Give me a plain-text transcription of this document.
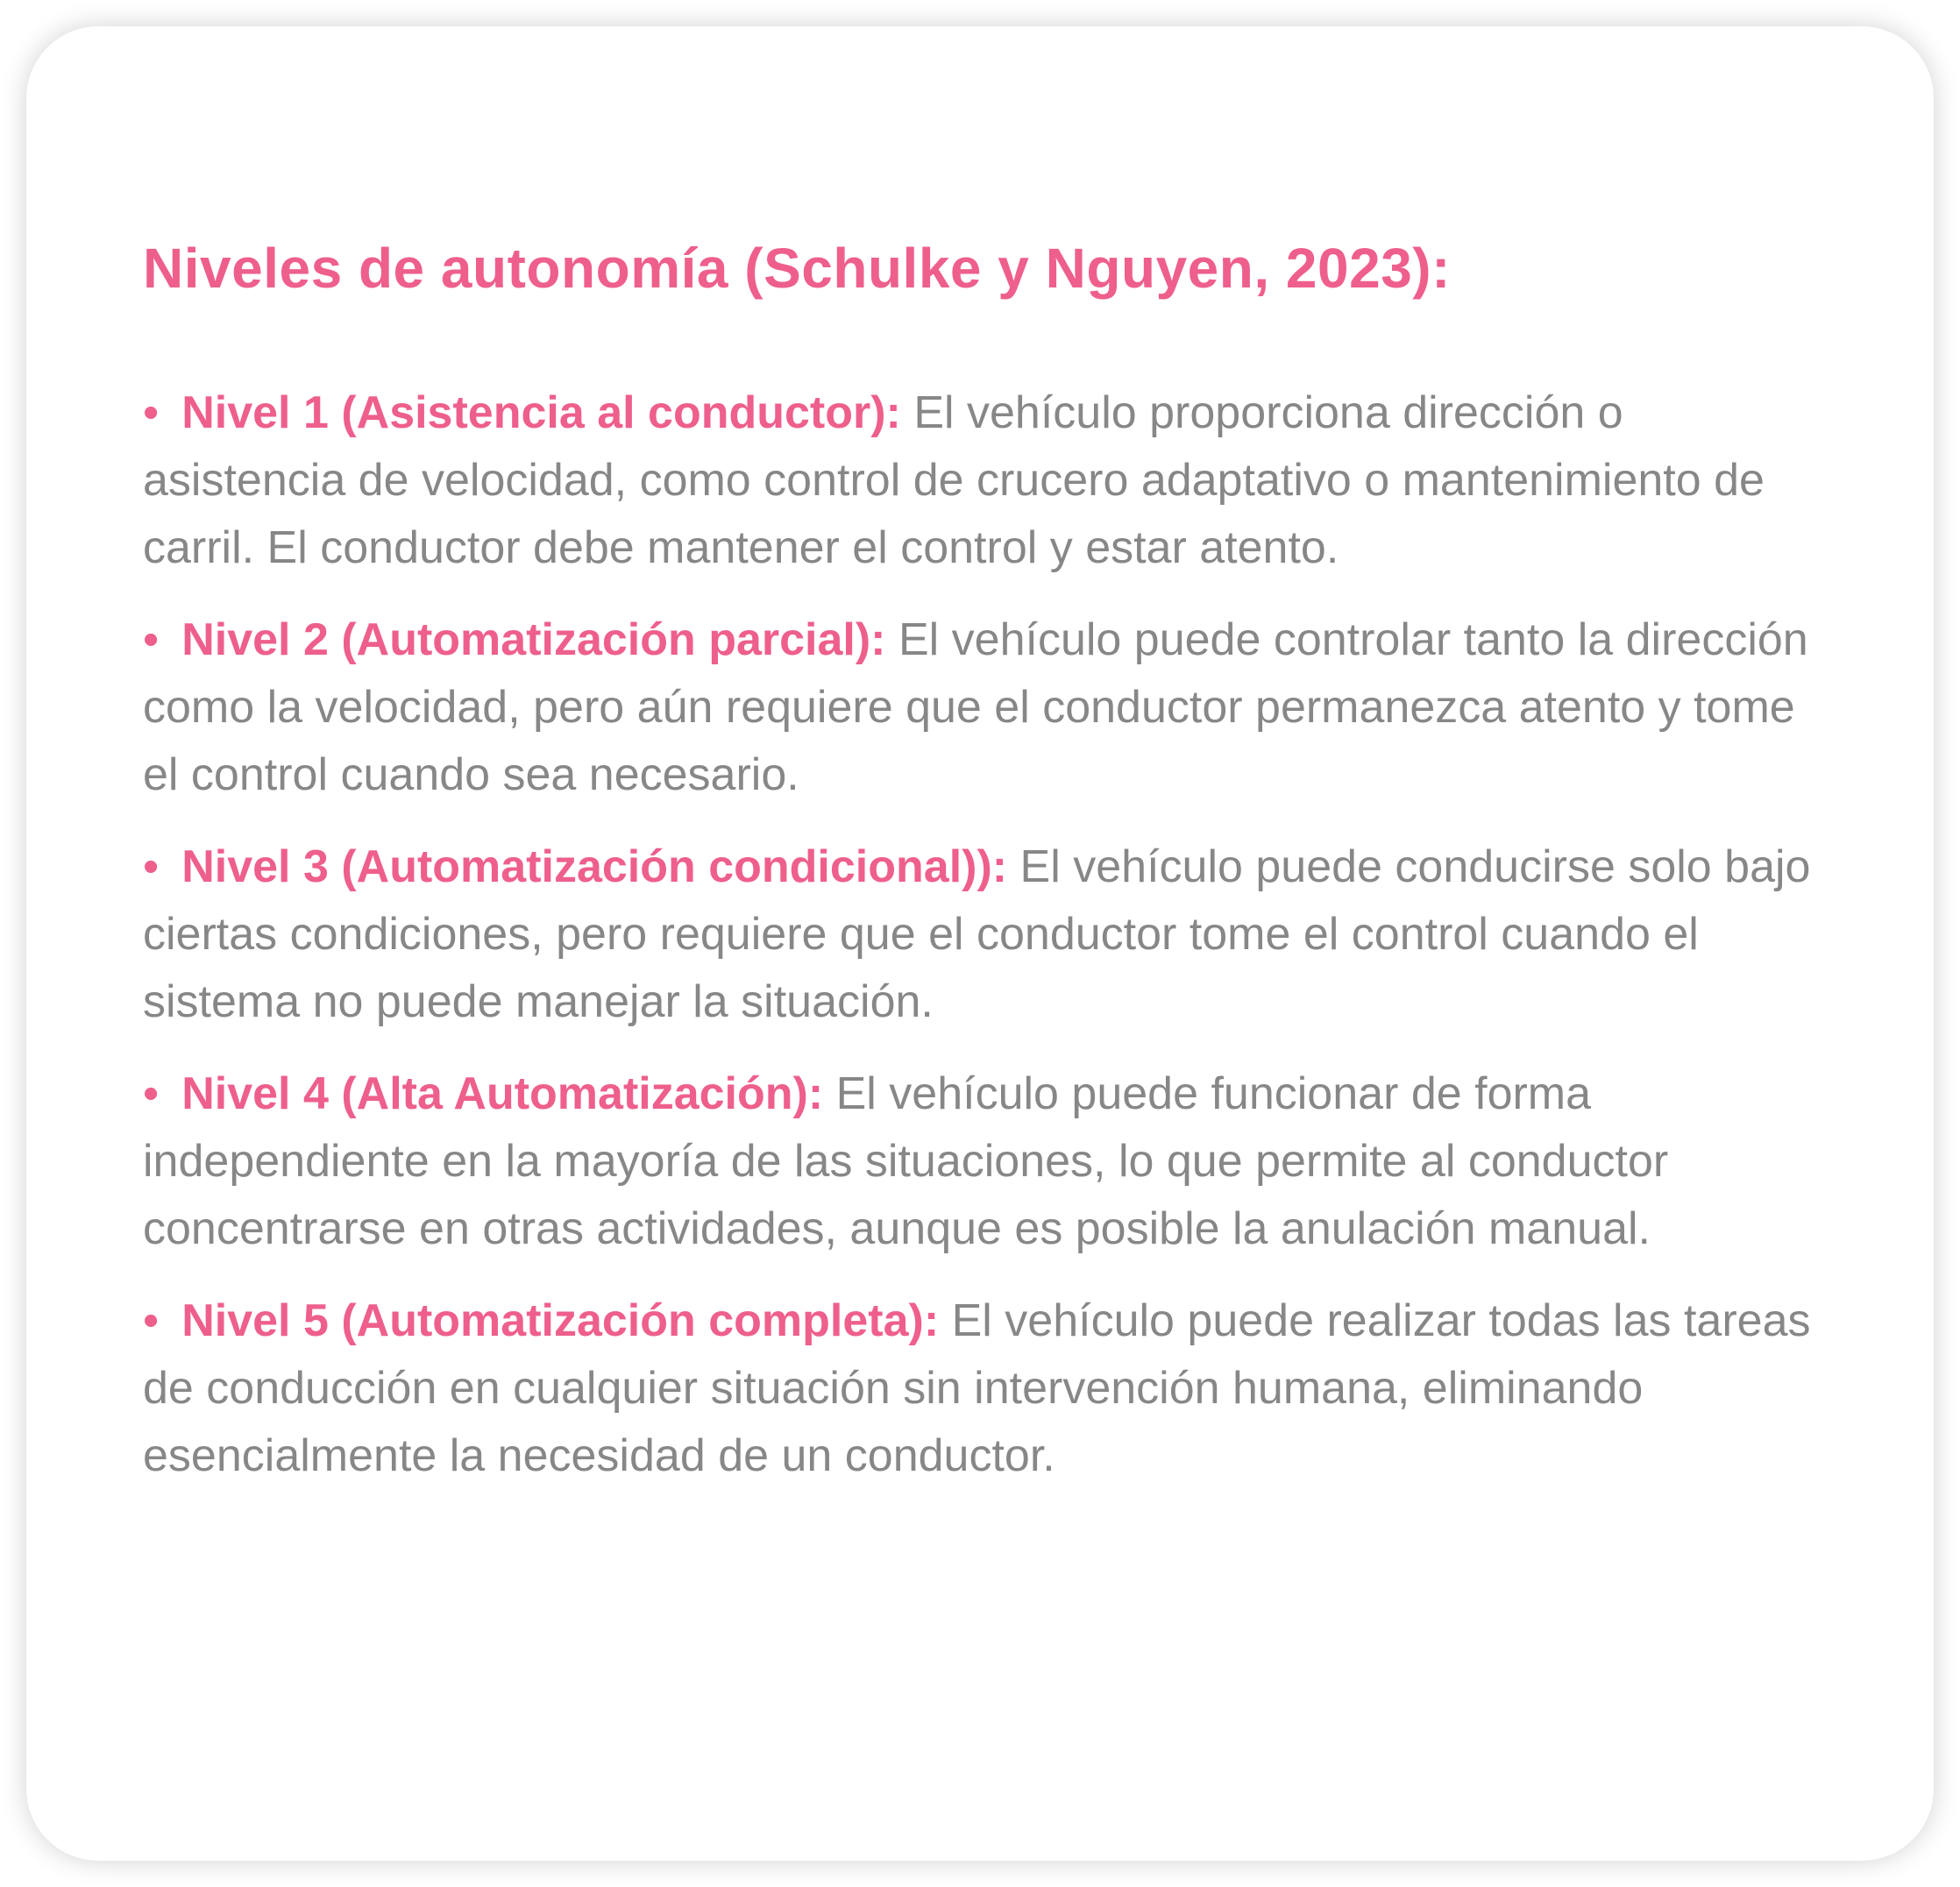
Niveles de autonomía (Schulke y Nguyen, 2023):

• Nivel 1 (Asistencia al conductor): El vehículo proporciona dirección o asistencia de velocidad, como control de crucero adaptativo o mantenimiento de carril. El conductor debe mantener el control y estar atento.

• Nivel 2 (Automatización parcial): El vehículo puede controlar tanto la dirección como la velocidad, pero aún requiere que el conductor permanezca atento y tome el control cuando sea necesario.

• Nivel 3 (Automatización condicional)): El vehículo puede conducirse solo bajo ciertas condiciones, pero requiere que el conductor tome el control cuando el sistema no puede manejar la situación.

• Nivel 4 (Alta Automatización): El vehículo puede funcionar de forma independiente en la mayoría de las situaciones, lo que permite al conductor concentrarse en otras actividades, aunque es posible la anulación manual.

• Nivel 5 (Automatización completa): El vehículo puede realizar todas las tareas de conducción en cualquier situación sin intervención humana, eliminando esencialmente la necesidad de un conductor.
